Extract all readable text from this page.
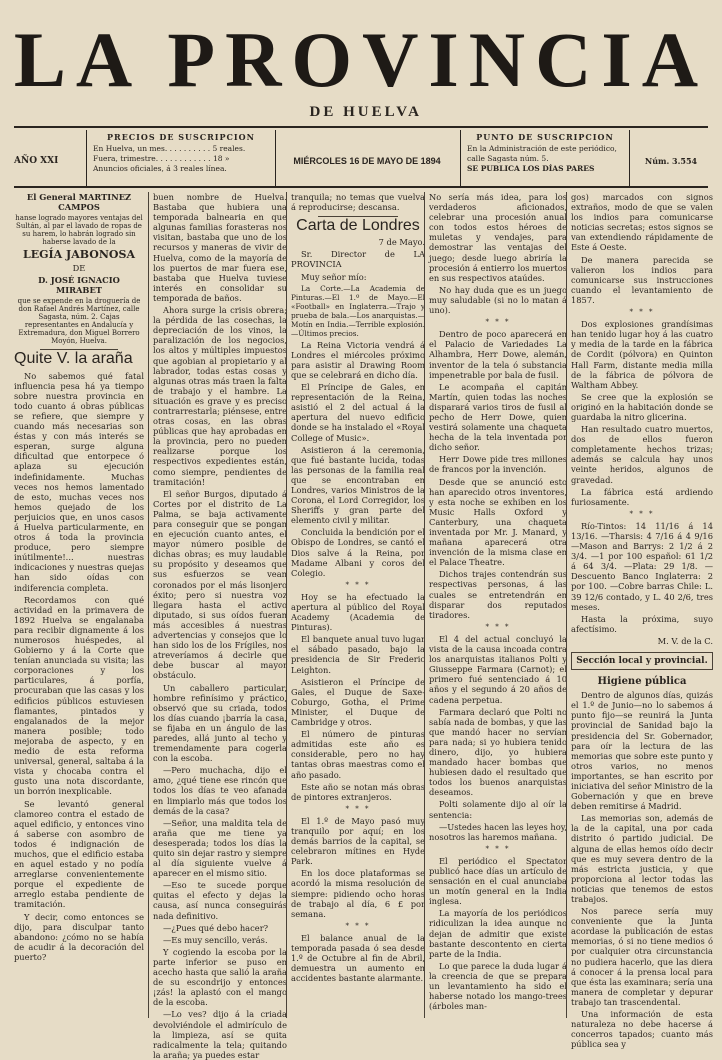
LA PROVINCIA
DE HUELVA
AÑO XXI
PRECIOS DE SUSCRIPCION
En Huelva, un mes. . . . . . . . . . 5 reales.
Fuera, trimestre. . . . . . . . . . . . 18 »
Anuncios oficiales, á 3 reales línea.
MIÉRCOLES 16 DE MAYO DE 1894
PUNTO DE SUSCRIPCION
En la Administración de este periódico,
calle Sagasta núm. 5.
SE PUBLICA LOS DÍAS PARES
Núm. 3.554

El General MARTINEZ CAMPOS

hanse logrado mayores ventajas del Sultán, al par el lavado de ropas de su harem, lo habrán logrado sin haberse lavado de la

LEGÍA JABONOSA

DE

D. JOSÉ IGNACIO MIRABET

que se expende en la droguería de don Rafael Andrés Martínez, calle Sagasta, núm. 2. Cajas representantes en Andalucía y Extremadura, don Miguel Borrero Moyón, Huelva.

Quite V. la araña

No sabemos qué fatal influencia pesa há ya tiempo sobre nuestra provincia en todo cuanto á obras públicas se refiere, que siempre y cuando más necesarias son éstas y con más interés se esperan, surge alguna dificultad que entorpece ó aplaza su ejecución indefinidamente. Muchas veces nos hemos lamentado de esto, muchas veces nos hemos quejado de los perjuicios que, en unos casos á Huelva particularmente, en otros á toda la provincia produce, pero siempre inútilmente!... nuestras indicaciones y nuestras quejas han sido oídas con indiferencia completa.

Recordamos con qué actividad en la primavera de 1892 Huelva se engalanaba para recibir dignamente á los numerosos huéspedes, al Gobierno y á la Corte que tenían anunciada su visita; las corporaciones y los particulares, á porfía, procuraban que las casas y los edificios públicos estuviesen flamantes, pintados y engalanados de la mejor manera posible; todo mejoraba de aspecto, y en medio de esta reforma universal, general, saltaba á la vista y chocaba contra el gusto una nota discordante, un borrón inexplicable.

Se levantó general clamoreo contra el estado de aquel edificio, y entonces vino á saberse con asombro de todos é indignación de muchos, que el edificio estaba en aquel estado y no podía arreglarse convenientemente porque el expediente de arreglo estaba pendiente de tramitación.

Y decir, como entonces se dijo, para disculpar tanto abandono: ¿cómo no se había de acudir á la decoración del puerto?

buen nombre de Huelva. Bastaba que hubiera una temporada balnearia en que algunas familias forasteras nos visitan, bastaba que uno de los recursos y maneras de vivir de Huelva, como de la mayoría de los puertos de mar fuera ese, bastaba que Huelva tuviese interés en consolidar su temporada de baños.

Ahora surge la crisis obrera; la pérdida de las cosechas, la depreciación de los vinos, la paralización de los negocios, los altos y múltiples impuestos que agobian al propietario y al labrador, todas estas cosas y algunas otras más traen la falta de trabajo y el hambre. La situación es grave y es preciso contrarrestarla; piénsese, entre otras cosas, en las obras públicas que hay aprobadas en la provincia, pero no pueden realizarse porque los respectivos expedientes están, como siempre, pendientes de tramitación!

El señor Burgos, diputado á Cortes por el distrito de La Palma, se baja activamente para conseguir que se pongan en ejecución cuanto antes, el mayor número posible de dichas obras; es muy laudable su propósito y deseamos que sus esfuerzos se vean coronados por el más lisonjero éxito; pero si nuestra voz llegara hasta el activo diputado, si sus oídos fueran más accesibles á nuestras advertencias y consejos que lo han sido los de los Frígiles, nos atreveríamos á decirle que debe buscar al mayor obstáculo.

Un caballero particular, hombre refinísimo y práctico, observó que su criada, todos los días cuando ¡barría la casa, se fijaba en un ángulo de las paredes, allá junto al techo y tremendamente para cogerla con la escoba.

—Pero muchacha, dijo el amo, ¿qué tiene ese rincón que todos los días te veo afanada en limpiarlo más que todos los demás de la casa?

—Señor, una maldita tela de araña que me tiene ya desesperada; todos los días la quito sin dejar rastro y siempre al día siguiente vuelve á aparecer en el mismo sitio.

—Eso te sucede porque quitas el efecto y dejas la causa, así nunca conseguirás nada definitivo.

—¿Pues qué debo hacer?

—Es muy sencillo, verás.

Y cogiendo la escoba por la parte inferior se puso en acecho hasta que salió la araña de su escondrijo y entonces ¡zás! la aplastó con el mango de la escoba.

—Lo ves? dijo á la criada devolviéndole el admirículo de la limpieza, así se quita radicalmente la tela; quitando la araña; ya puedes estar

tranquila; no temas que vuelva á reproducirse; descansa.

Carta de Londres

7 de Mayo.

Sr. Director de LA PROVINCIA

Muy señor mío:

La Corte.—La Academia de Pinturas.—El 1.º de Mayo.—El «Football» en Inglaterra.—Trajo y prueba de bala.—Los anarquistas.—Motín en India.—Terrible explosión.—Últimos precios.

La Reina Victoria vendrá á Londres el miércoles próximo para asistir al Drawing Room que se celebrará en dicho día.

El Príncipe de Gales, en representación de la Reina, asistió el 2 del actual á la apertura del nuevo edificio donde se ha instalado el «Royal College of Music».

Asistieron á la ceremonia, que fué bastante lucida, todas las personas de la familia real que se encontraban en Londres, varios Ministros de la Corona, el Lord Corregidor, los Sheriffs y gran parte del elemento civil y militar.

Concluida la bendición por el Obispo de Londres, se cantó el Dios salve á la Reina, por Madame Albani y coros del Colegio.

* * *

Hoy se ha efectuado la apertura al público del Royal Academy (Academia de Pinturas).

El banquete anual tuvo lugar el sábado pasado, bajo la presidencia de Sir Frederic Leighton.

Asistieron el Príncipe de Gales, el Duque de Saxe-Coburgo, Gotha, el Prime Minister, el Duque de Cambridge y otros.

El número de pinturas admitidas este año es considerable, pero no hay tantas obras maestras como el año pasado.

Este año se notan más obras de pintores extranjeros.

* * *

El 1.º de Mayo pasó muy tranquilo por aquí; en los demás barrios de la capital, se celebraron mítines en Hyde Park.

En los doce plataformas se acordó la misma resolución de siempre: pidiendo ocho horas de trabajo al día, 6 £ por semana.

* * *

El balance anual de la temporada pasada ó sea desde 1.º de Octubre al fin de Abril, demuestra un aumento en accidentes bastante alarmante.

No sería más idea, para los verdaderos aficionados, celebrar una procesión anual con todos estos héroes de muletas y vendajes, para demostrar las ventajas del juego; desde luego abriría la procesión á entierro los muertos en sus respectivos ataúdes.

No hay duda que es un juego muy saludable (si no lo matan á uno).

* * *

Dentro de poco aparecerá en el Palacio de Variedades La Alhambra, Herr Dowe, alemán, inventor de la tela ó substancia impenetrable por bala de fusil.

Le acompaña el capitán Martín, quien todas las noches disparará varios tiros de fusil al pecho de Herr Dowe, quien vestirá solamente una chaqueta hecha de la tela inventada por dicho señor.

Herr Dowe pide tres millones de francos por la invención.

Desde que se anunció esto han aparecido otros inventores, y esta noche se exhiben en los Music Halls Oxford y Canterbury, una chaqueta inventada por Mr. J. Manard, y mañana aparecerá otra invención de la misma clase en el Palace Theatre.

Dichos trajes contendrán sus respectivas personas, á las cuales se entretendrán en disparar dos reputados tiradores.

* * *

El 4 del actual concluyó la vista de la causa incoada contra los anarquistas italianos Polti y Giusseppe Farmara (Carnot); el primero fué sentenciado á 10 años y el segundo á 20 años de cadena perpetua.

Farmara declaró que Polti no sabía nada de bombas, y que las que mandó hacer no servían para nada; si yo hubiera tenido dinero, dijo, yo hubiera mandado hacer bombas que hubiesen dado el resultado que todos los buenos anarquistas deseamos.

Polti solamente dijo al oír la sentencia:

—Ustedes hacen las leyes hoy, nosotros las haremos mañana.

* * *

El periódico el Spectator publicó hace días un artículo de sensación en el cual anunciaba un motín general en la India inglesa.

La mayoría de los periódicos ridiculizan la idea aunque no dejan de admitir que existe bastante descontento en cierta parte de la India.

Lo que parece la duda lugar á la creencia de que se prepara un levantamiento ha sido el haberse notado los mango-trees (árboles man-

gos) marcados con signos extraños, modo de que se valen los indios para comunicarse noticias secretas; estos signos se van extendiendo rápidamente de Este á Oeste.

De manera parecida se valieron los indios para comunicarse sus instrucciones cuando el levantamiento de 1857.

* * *

Dos explosiones grandísimas han tenido lugar hoy á las cuatro y media de la tarde en la fábrica de Cordit (pólvora) en Quinton Hall Farm, distante media milla de la fábrica de pólvora de Waltham Abbey.

Se cree que la explosión se originó en la habitación donde se guardaba la nitro glicerina.

Han resultado cuatro muertos, dos de ellos fueron completamente hechos trizas; además se calcula hay unos veinte heridos, algunos de gravedad.

La fábrica está ardiendo furiosamente.

* * *

Río-Tintos: 14 11/16 á 14 13/16. —Tharsis: 4 7/16 á 4 9/16 —Mason and Barrys: 2 1/2 á 2 3/4. —1 por 100 español: 61 1/2 á 64 3/4. —Plata: 29 1/8. —Descuento Banco Inglaterra: 2 por 100. —Cobre barras Chile: L. 39 12/6 contado, y L. 40 2/6, tres meses.

Hasta la próxima, suyo afectísimo.

M. V. de la C.

Sección local y provincial.

Higiene pública

Dentro de algunos días, quizás el 1.º de Junio—no lo sabemos á punto fijo—se reunirá la Junta provincial de Sanidad bajo la presidencia del Sr. Gobernador, para oír la lectura de las memorias que sobre este punto y otros varios, no menos importantes, se han escrito por iniciativa del señor Ministro de la Gobernación y que en breve deben remitirse á Madrid.

Las memorias son, además de la de la capital, una por cada distrito ó partido judicial. De alguna de ellas hemos oído decir que es muy severa dentro de la más estricta justicia, y que proporciona al lector todas las noticias que tenemos de estos trabajos.

Nos parece sería muy conveniente que la Junta acordase la publicación de estas memorias, ó si no tiene medios ó por cualquier otra circunstancia no pudiera hacerlo, que las diera á conocer á la prensa local para que ésta las examinara; sería una manera de completar y depurar trabajo tan trascendental.

Una información de esta naturaleza no debe hacerse á concerros tapados; cuanto más pública sea y
